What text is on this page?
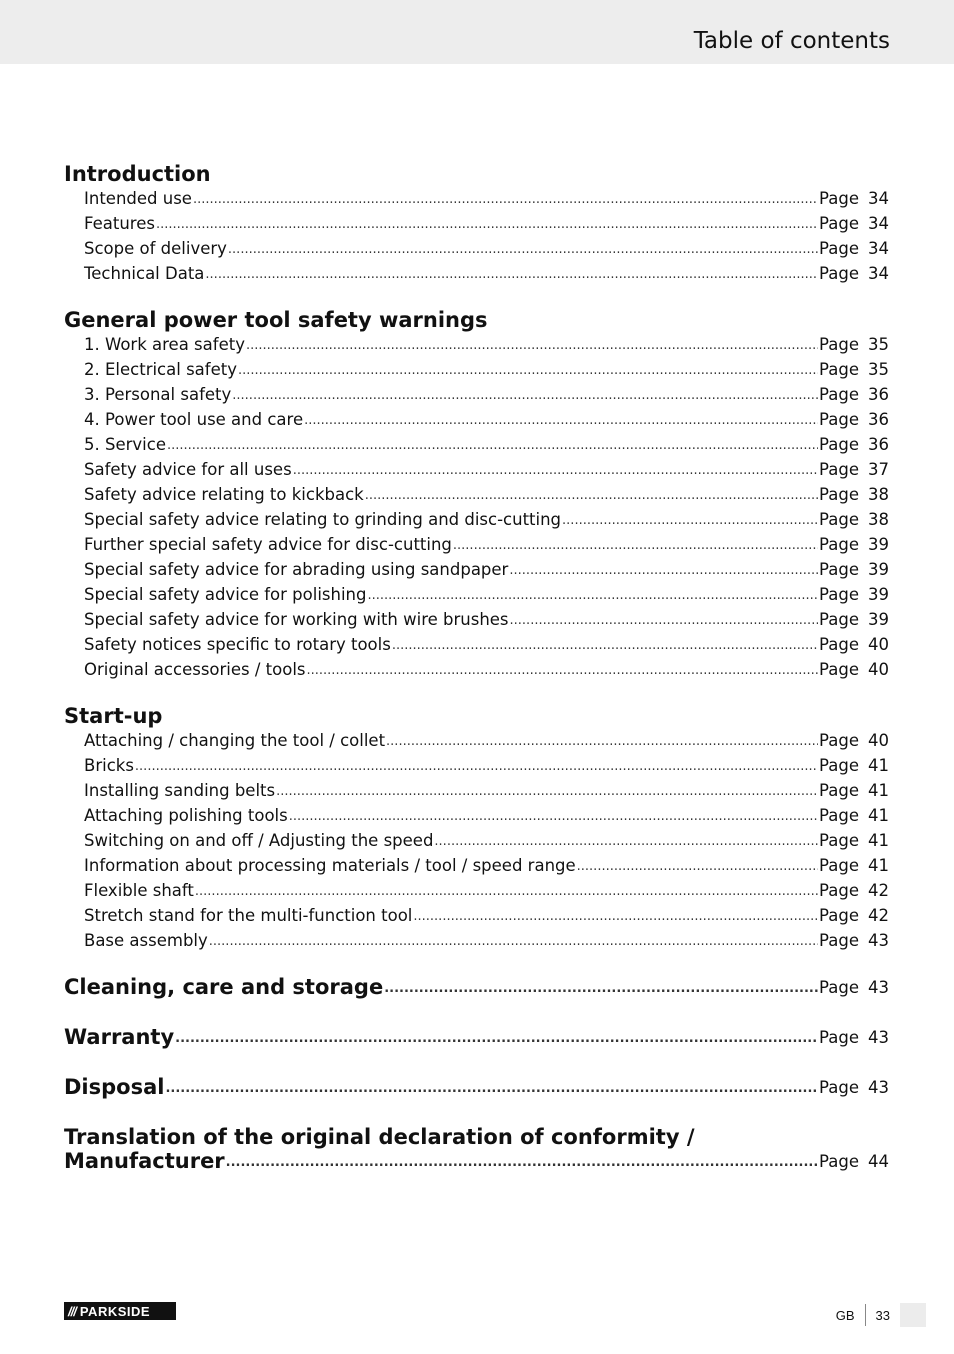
Table of contents
Introduction
Intended use .....	Page 34
Features .....	Page 34
Scope of delivery .....	Page 34
Technical Data .....	Page 34
General power tool safety warnings
1. Work area safety .....	Page 35
2. Electrical safety .....	Page 35
3. Personal safety .....	Page 36
4. Power tool use and care .....	Page 36
5. Service .....	Page 36
Safety advice for all uses .....	Page 37
Safety advice relating to kickback .....	Page 38
Special safety advice relating to grinding and disc-cutting .....	Page 38
Further special safety advice for disc-cutting .....	Page 39
Special safety advice for abrading using sandpaper .....	Page 39
Special safety advice for polishing .....	Page 39
Special safety advice for working with wire brushes .....	Page 39
Safety notices specific to rotary tools .....	Page 40
Original accessories / tools .....	Page 40
Start-up
Attaching / changing the tool / collet .....	Page 40
Bricks .....	Page 41
Installing sanding belts .....	Page 41
Attaching polishing tools .....	Page 41
Switching on and off / Adjusting the speed .....	Page 41
Information about processing materials / tool / speed range .....	Page 41
Flexible shaft .....	Page 42
Stretch stand for the multi-function tool .....	Page 42
Base assembly .....	Page 43
Cleaning, care and storage .....	Page 43
Warranty .....	Page 43
Disposal .....	Page 43
Translation of the original declaration of conformity /
Manufacturer .....	Page 44
/// PARKSIDE	GB	33
